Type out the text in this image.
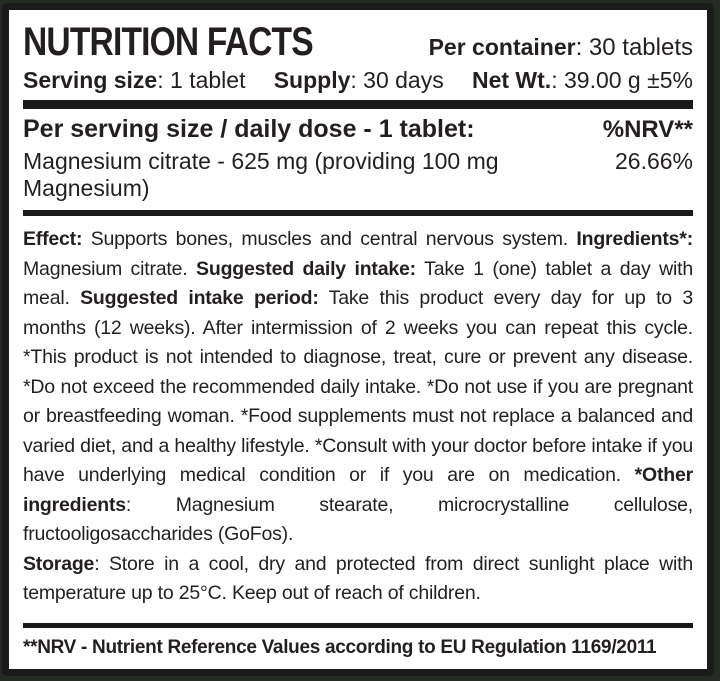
NUTRITION FACTS	Per container: 30 tablets
Serving size: 1 tablet Supply: 30 days Net Wt.: 39.00 g ±5%
Per serving size / daily dose - 1 tablet:	%NRV**
Magnesium citrate - 625 mg (providing 100 mg Magnesium)
26.66%

Effect: Supports bones, muscles and central nervous system. Ingredients*: Magnesium citrate. Suggested daily intake: Take 1 (one) tablet a day with meal. Suggested intake period: Take this product every day for up to 3 months (12 weeks). After intermission of 2 weeks you can repeat this cycle. *This product is not intended to diagnose, treat, cure or prevent any disease. *Do not exceed the recommended daily intake. *Do not use if you are pregnant or breastfeeding woman. *Food supplements must not replace a balanced and varied diet, and a healthy lifestyle. *Consult with your doctor before intake if you have underlying medical condition or if you are on medication. *Other ingredients: Magnesium stearate, microcrystalline cellulose, fructooligosaccharides (GoFos).

Storage: Store in a cool, dry and protected from direct sunlight place with temperature up to 25°C. Keep out of reach of children.

**NRV - Nutrient Reference Values according to EU Regulation 1169/2011
